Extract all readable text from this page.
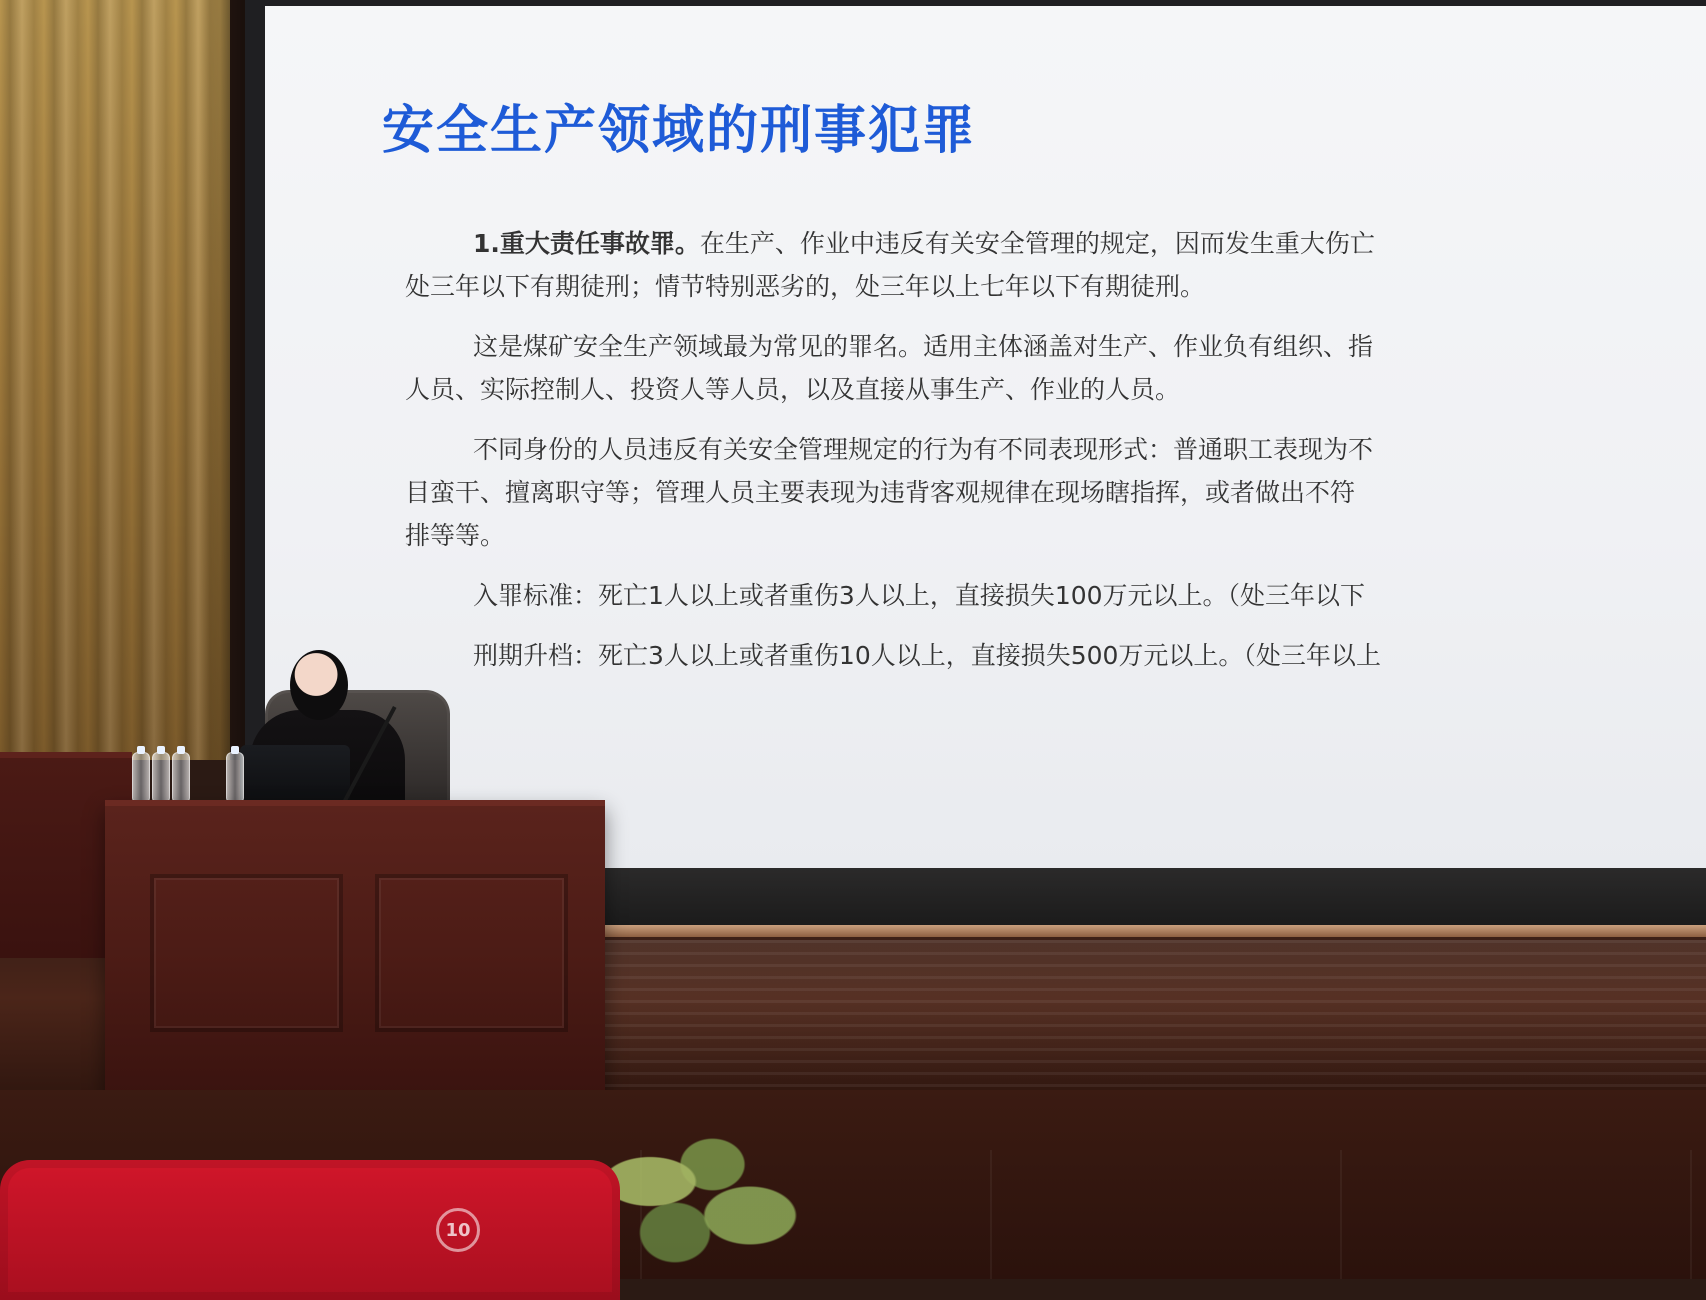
安全生产领域的刑事犯罪
1.重大责任事故罪。在生产、作业中违反有关安全管理的规定，因而发生重大伤亡
处三年以下有期徒刑；情节特别恶劣的，处三年以上七年以下有期徒刑。
这是煤矿安全生产领域最为常见的罪名。适用主体涵盖对生产、作业负有组织、指
人员、实际控制人、投资人等人员，以及直接从事生产、作业的人员。
不同身份的人员违反有关安全管理规定的行为有不同表现形式：普通职工表现为不
目蛮干、擅离职守等；管理人员主要表现为违背客观规律在现场瞎指挥，或者做出不符
排等等。
入罪标准：死亡1人以上或者重伤3人以上，直接损失100万元以上。（处三年以下
刑期升档：死亡3人以上或者重伤10人以上，直接损失500万元以上。（处三年以上
10
